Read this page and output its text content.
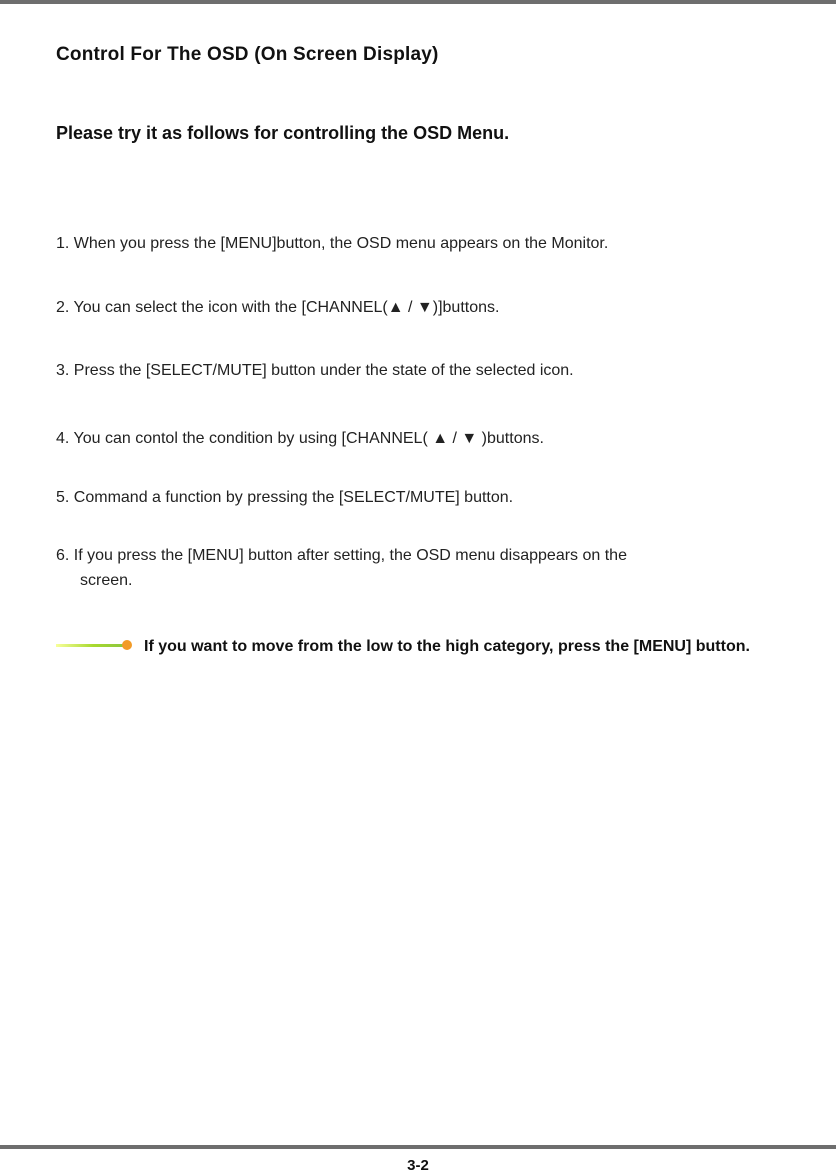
Control For The OSD (On Screen Display)
Please try it as follows for controlling the OSD Menu.
1. When you press the [MENU]button, the OSD menu appears on the Monitor.
2. You can select the icon with the [CHANNEL(▲ / ▼)]buttons.
3. Press the [SELECT/MUTE] button under the state of the selected icon.
4. You can contol the condition by using [CHANNEL( ▲ / ▼ )buttons.
5. Command a function by pressing the [SELECT/MUTE] button.
6. If you press the [MENU] button after setting, the OSD menu disappears on the
screen.
If you want to move from the low to the high category, press the [MENU] button.
3-2
